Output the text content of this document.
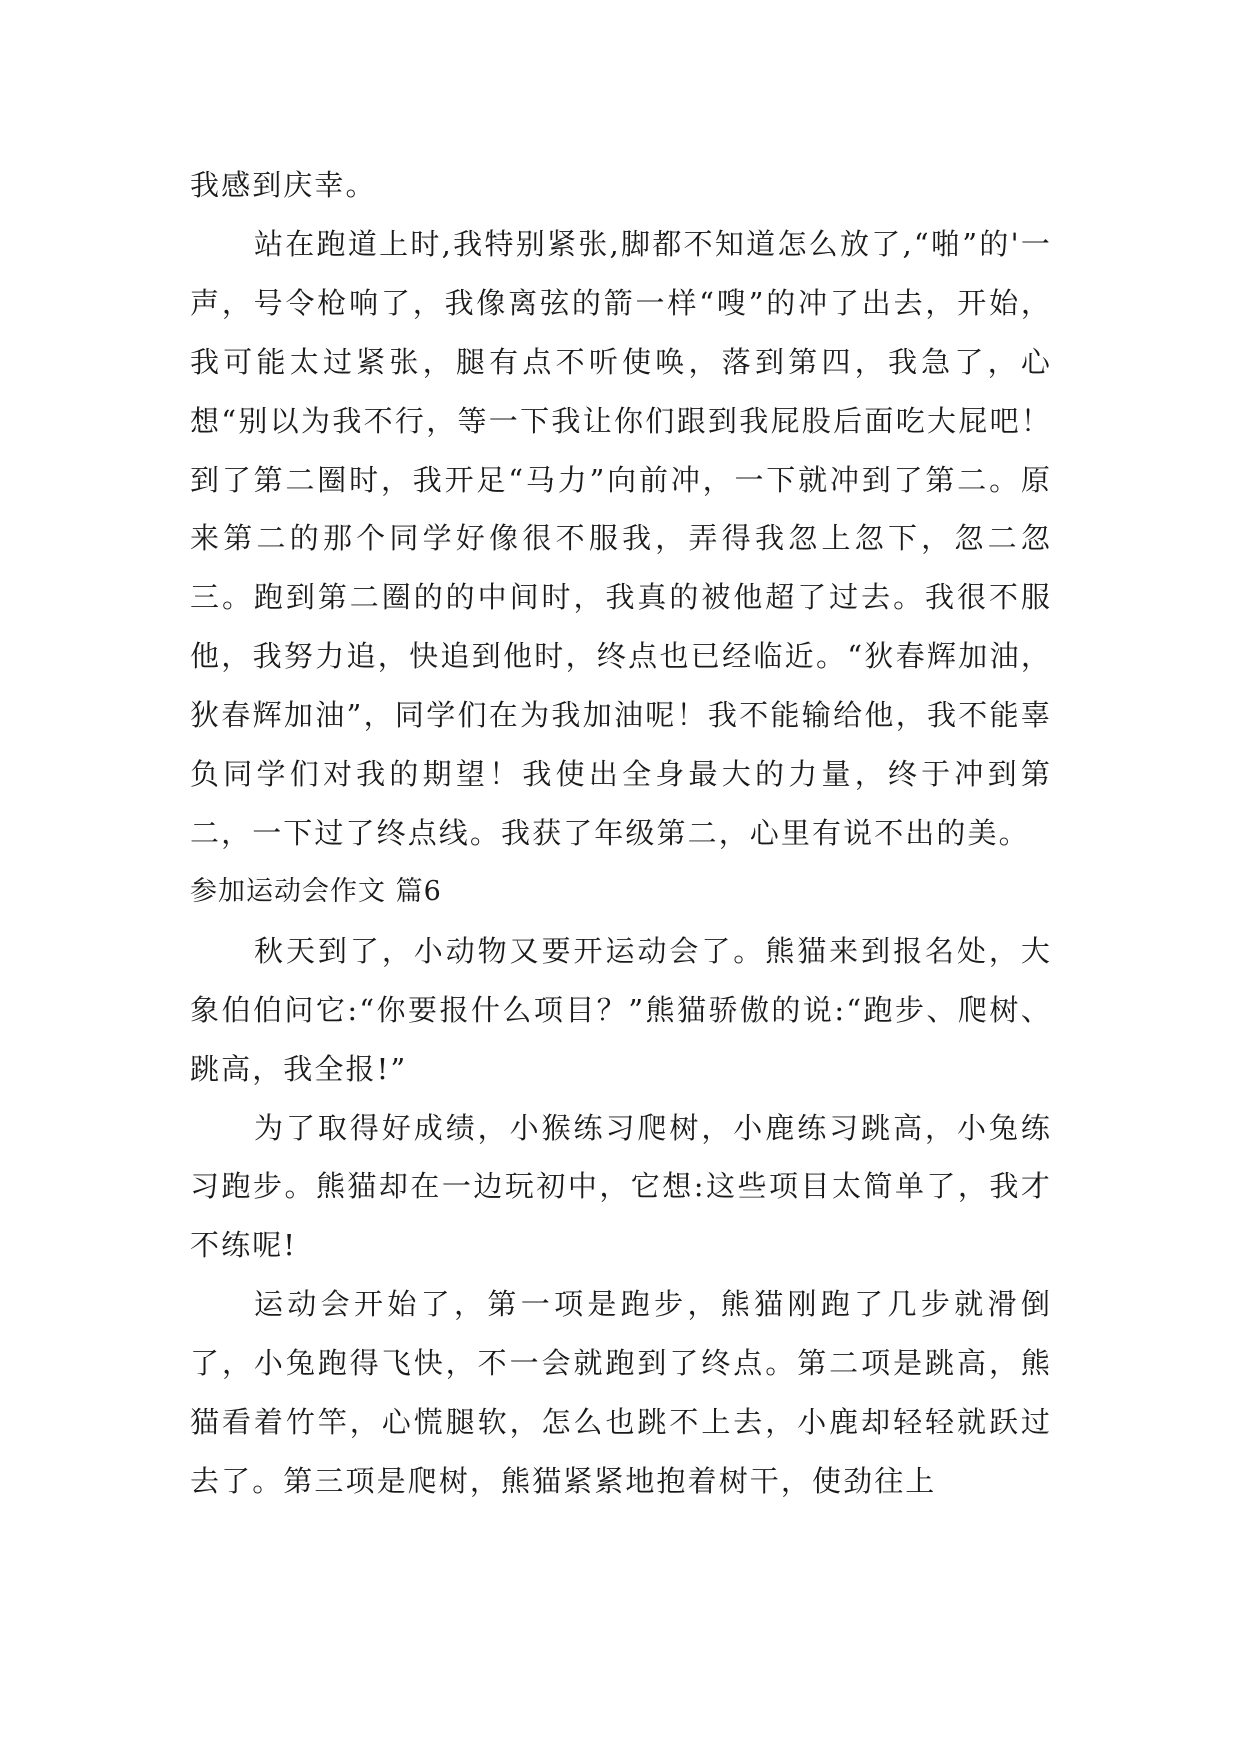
我感到庆幸。

站在跑道上时,我特别紧张,脚都不知道怎么放了,“啪”的'一声，号令枪响了，我像离弦的箭一样“嗖”的冲了出去，开始，我可能太过紧张，腿有点不听使唤，落到第四，我急了，心想“别以为我不行，等一下我让你们跟到我屁股后面吃大屁吧！到了第二圈时，我开足“马力”向前冲，一下就冲到了第二。原来第二的那个同学好像很不服我，弄得我忽上忽下，忽二忽三。跑到第二圈的的中间时，我真的被他超了过去。我很不服他，我努力追，快追到他时，终点也已经临近。“狄春辉加油，狄春辉加油”，同学们在为我加油呢！我不能输给他，我不能辜负同学们对我的期望！我使出全身最大的力量，终于冲到第二，一下过了终点线。我获了年级第二，心里有说不出的美。

参加运动会作文 篇6

秋天到了，小动物又要开运动会了。熊猫来到报名处，大象伯伯问它:“你要报什么项目？”熊猫骄傲的说:“跑步、爬树、跳高，我全报!”

为了取得好成绩，小猴练习爬树，小鹿练习跳高，小兔练习跑步。熊猫却在一边玩初中，它想:这些项目太简单了，我才不练呢!

运动会开始了，第一项是跑步，熊猫刚跑了几步就滑倒了，小兔跑得飞快，不一会就跑到了终点。第二项是跳高，熊猫看着竹竿，心慌腿软，怎么也跳不上去，小鹿却轻轻就跃过去了。第三项是爬树，熊猫紧紧地抱着树干，使劲往上
